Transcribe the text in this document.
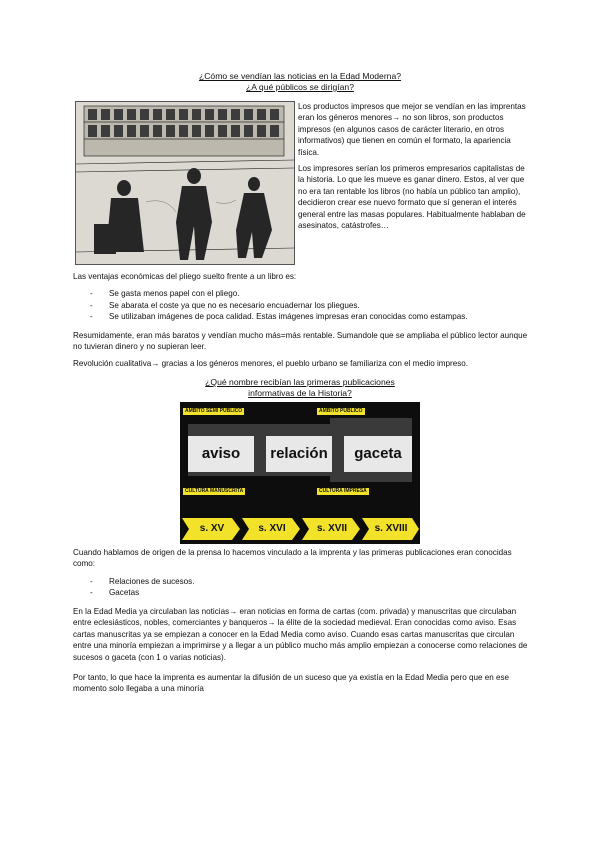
¿Cómo se vendían las noticias en la Edad Moderna?
¿A qué públicos se dirigían?

Los productos impresos que mejor se vendían en las imprentas eran los géneros menores→ no son libros, son productos impresos (en algunos casos de carácter literario, en otros informativos) que tienen en común el formato, la apariencia física.

Los impresores serían los primeros empresarios capitalistas de la historia. Lo que les mueve es ganar dinero. Estos, al ver que no era tan rentable los libros (no había un público tan amplio), decidieron crear ese nuevo formato que sí generan el interés general entre las masas populares. Habitualmente hablaban de asesinatos, catástrofes…

Las ventajas económicas del pliego suelto frente a un libro es:

- Se gasta menos papel con el pliego.
- Se abarata el coste ya que no es necesario encuadernar los pliegues.
- Se utilizaban imágenes de poca calidad. Estas imágenes impresas eran conocidas como estampas.

Resumidamente, eran más baratos y vendían mucho más=más rentable. Sumandole que se ampliaba el público lector aunque no tuvieran dinero y no supieran leer.

Revolución cualitativa→ gracias a los géneros menores, el pueblo urbano se familiariza con el medio impreso.

¿Qué nombre recibían las primeras publicaciones
informativas de la Historia?
ÁMBITO SEMI PÚBLICO	ÁMBITO PÚBLICO
aviso	relación	gaceta
CULTURA MANUSCRITA	CULTURA IMPRESA
s. XV	s. XVI	s. XVII	s. XVIII

Cuando hablamos de origen de la prensa lo hacemos vinculado a la imprenta y las primeras publicaciones eran conocidas como:

- Relaciones de sucesos.
- Gacetas

En la Edad Media ya circulaban las noticias→ eran noticias en forma de cartas (com. privada) y manuscritas que circulaban entre eclesiásticos, nobles, comerciantes y banqueros→ la élite de la sociedad medieval. Eran conocidas como aviso. Esas cartas manuscritas ya se empiezan a conocer en la Edad Media como aviso. Cuando esas cartas manuscritas que circulan entre una minoría empiezan a imprimirse y a llegar a un público mucho más amplio empiezan a conocerse como relaciones de sucesos o gaceta (con 1 o varias noticias).

Por tanto, lo que hace la imprenta es aumentar la difusión de un suceso que ya existía en la Edad Media pero que en ese momento solo llegaba a una minoría
